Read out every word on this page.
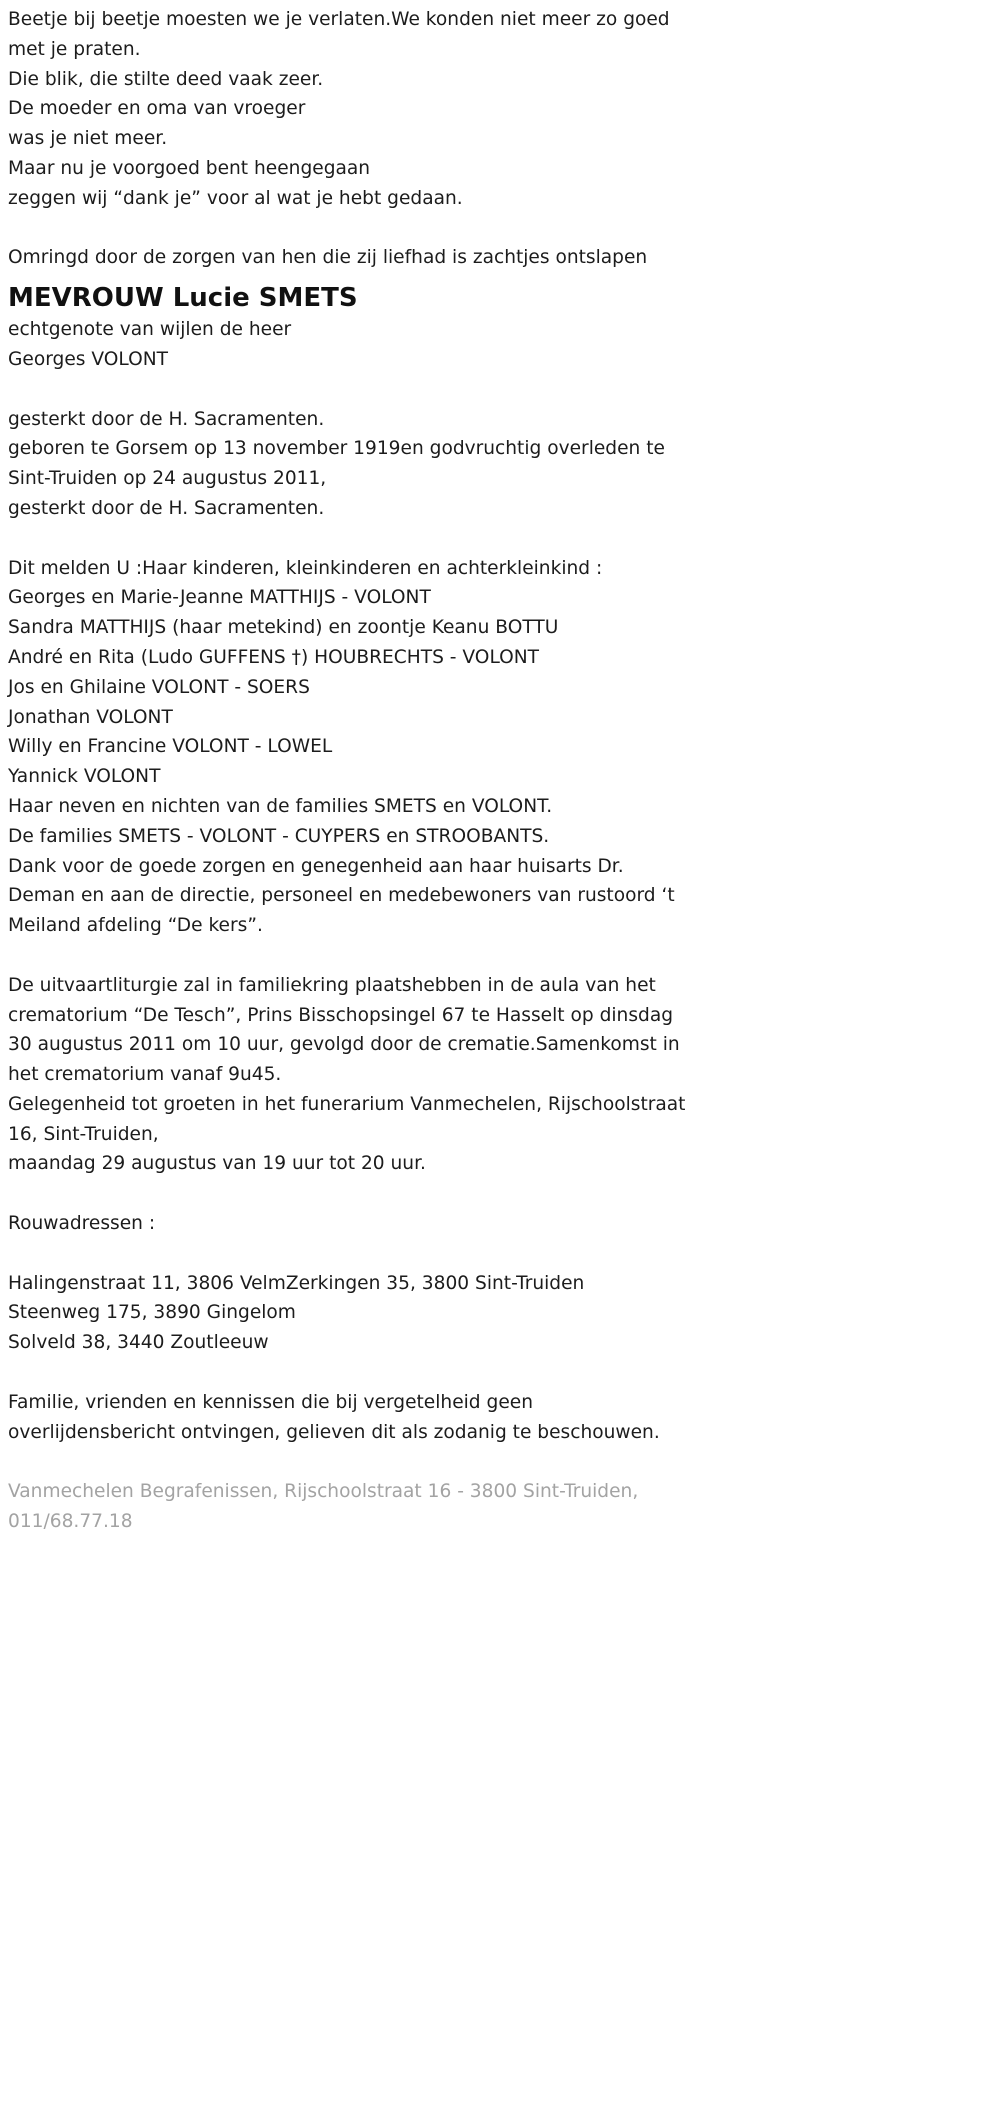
Beetje bij beetje moesten we je verlaten.We konden niet meer zo goed
met je praten.
Die blik, die stilte deed vaak zeer.
De moeder en oma van vroeger
was je niet meer.
Maar nu je voorgoed bent heengegaan
zeggen wij “dank je” voor al wat je hebt gedaan.
Omringd door de zorgen van hen die zij liefhad is zachtjes ontslapen
MEVROUW Lucie SMETS
echtgenote van wijlen de heer
Georges VOLONT
gesterkt door de H. Sacramenten.
geboren te Gorsem op 13 november 1919en godvruchtig overleden te
Sint-Truiden op 24 augustus 2011,
gesterkt door de H. Sacramenten.
Dit melden U :Haar kinderen, kleinkinderen en achterkleinkind :
Georges en Marie-Jeanne MATTHIJS - VOLONT
Sandra MATTHIJS (haar metekind) en zoontje Keanu BOTTU
André en Rita (Ludo GUFFENS †) HOUBRECHTS - VOLONT
Jos en Ghilaine VOLONT - SOERS
Jonathan VOLONT
Willy en Francine VOLONT - LOWEL
Yannick VOLONT
Haar neven en nichten van de families SMETS en VOLONT.
De families SMETS - VOLONT - CUYPERS en STROOBANTS.
Dank voor de goede zorgen en genegenheid aan haar huisarts Dr.
Deman en aan de directie, personeel en medebewoners van rustoord ‘t
Meiland afdeling “De kers”.
De uitvaartliturgie zal in familiekring plaatshebben in de aula van het
crematorium “De Tesch”, Prins Bisschopsingel 67 te Hasselt op dinsdag
30 augustus 2011 om 10 uur, gevolgd door de crematie.Samenkomst in
het crematorium vanaf 9u45.
Gelegenheid tot groeten in het funerarium Vanmechelen, Rijschoolstraat
16, Sint-Truiden,
maandag 29 augustus van 19 uur tot 20 uur.
Rouwadressen :
Halingenstraat 11, 3806 VelmZerkingen 35, 3800 Sint-Truiden
Steenweg 175, 3890 Gingelom
Solveld 38, 3440 Zoutleeuw
Familie, vrienden en kennissen die bij vergetelheid geen
overlijdensbericht ontvingen, gelieven dit als zodanig te beschouwen.
Vanmechelen Begrafenissen, Rijschoolstraat 16 - 3800 Sint-Truiden,
011/68.77.18
